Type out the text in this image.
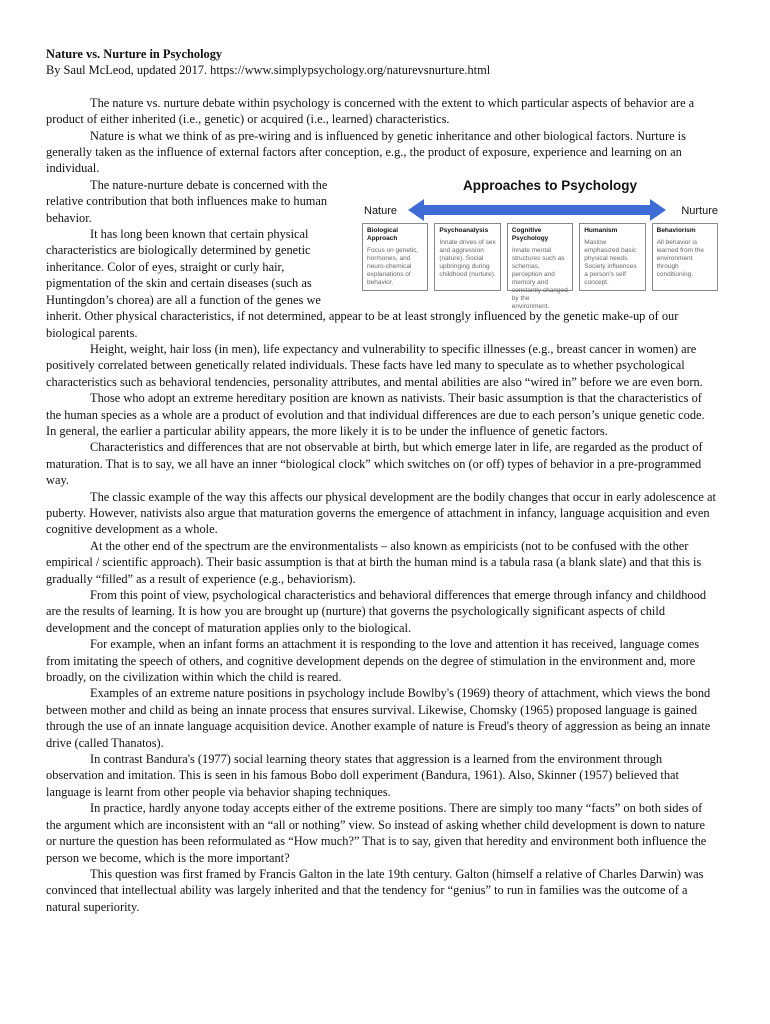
Nature vs. Nurture in Psychology
By Saul McLeod, updated 2017. https://www.simplypsychology.org/naturevsnurture.html

The nature vs. nurture debate within psychology is concerned with the extent to which particular aspects of behavior are a product of either inherited (i.e., genetic) or acquired (i.e., learned) characteristics.

Nature is what we think of as pre-wiring and is influenced by genetic inheritance and other biological factors. Nurture is generally taken as the influence of external factors after conception, e.g., the product of exposure, experience and learning on an individual.

Approaches to Psychology
Nature	Nurture
Biological Approach
Focus on genetic, hormones, and neuro-chemical explanations of behavior.
Psychoanalysis
Innate drives of sex and aggression (nature). Social upbringing during childhood (nurture).
Cognitive Psychology
Innate mental structures such as schemas, perception and memory and constantly changed by the environment.
Humanism
Maslow emphasized basic physical needs. Society influences a person's self concept.
Behaviorism
All behavior is learned from the environment through conditioning.

The nature-nurture debate is concerned with the relative contribution that both influences make to human behavior.

It has long been known that certain physical characteristics are biologically determined by genetic inheritance. Color of eyes, straight or curly hair, pigmentation of the skin and certain diseases (such as Huntingdon’s chorea) are all a function of the genes we inherit. Other physical characteristics, if not determined, appear to be at least strongly influenced by the genetic make-up of our biological parents.

Height, weight, hair loss (in men), life expectancy and vulnerability to specific illnesses (e.g., breast cancer in women) are positively correlated between genetically related individuals. These facts have led many to speculate as to whether psychological characteristics such as behavioral tendencies, personality attributes, and mental abilities are also “wired in” before we are even born.

Those who adopt an extreme hereditary position are known as nativists. Their basic assumption is that the characteristics of the human species as a whole are a product of evolution and that individual differences are due to each person’s unique genetic code. In general, the earlier a particular ability appears, the more likely it is to be under the influence of genetic factors.

Characteristics and differences that are not observable at birth, but which emerge later in life, are regarded as the product of maturation. That is to say, we all have an inner “biological clock” which switches on (or off) types of behavior in a pre-programmed way.

The classic example of the way this affects our physical development are the bodily changes that occur in early adolescence at puberty. However, nativists also argue that maturation governs the emergence of attachment in infancy, language acquisition and even cognitive development as a whole.

At the other end of the spectrum are the environmentalists – also known as empiricists (not to be confused with the other empirical / scientific approach). Their basic assumption is that at birth the human mind is a tabula rasa (a blank slate) and that this is gradually “filled” as a result of experience (e.g., behaviorism).

From this point of view, psychological characteristics and behavioral differences that emerge through infancy and childhood are the results of learning. It is how you are brought up (nurture) that governs the psychologically significant aspects of child development and the concept of maturation applies only to the biological.

For example, when an infant forms an attachment it is responding to the love and attention it has received, language comes from imitating the speech of others, and cognitive development depends on the degree of stimulation in the environment and, more broadly, on the civilization within which the child is reared.

Examples of an extreme nature positions in psychology include Bowlby's (1969) theory of attachment, which views the bond between mother and child as being an innate process that ensures survival. Likewise, Chomsky (1965) proposed language is gained through the use of an innate language acquisition device. Another example of nature is Freud's theory of aggression as being an innate drive (called Thanatos).

In contrast Bandura's (1977) social learning theory states that aggression is a learned from the environment through observation and imitation. This is seen in his famous Bobo doll experiment (Bandura, 1961). Also, Skinner (1957) believed that language is learnt from other people via behavior shaping techniques.

In practice, hardly anyone today accepts either of the extreme positions. There are simply too many “facts” on both sides of the argument which are inconsistent with an “all or nothing” view. So instead of asking whether child development is down to nature or nurture the question has been reformulated as “How much?” That is to say, given that heredity and environment both influence the person we become, which is the more important?

This question was first framed by Francis Galton in the late 19th century. Galton (himself a relative of Charles Darwin) was convinced that intellectual ability was largely inherited and that the tendency for “genius” to run in families was the outcome of a natural superiority.
